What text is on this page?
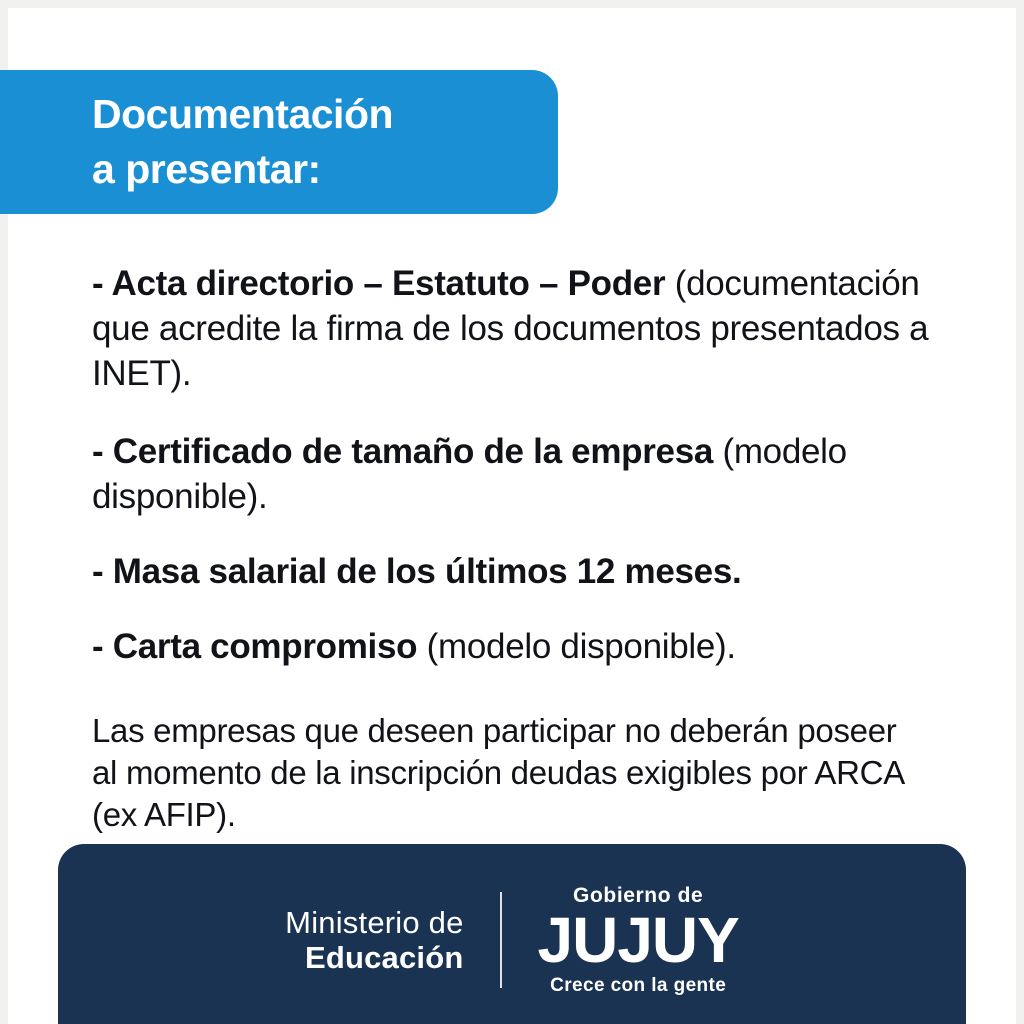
Documentación
a presentar:
- Acta directorio – Estatuto – Poder (documentación que acredite la firma de los documentos presentados a INET).
- Certificado de tamaño de la empresa (modelo disponible).
- Masa salarial de los últimos 12 meses.
- Carta compromiso (modelo disponible).
Las empresas que deseen participar no deberán poseer al momento de la inscripción deudas exigibles por ARCA (ex AFIP).
Ministerio de
Educación
Gobierno de
JUJUY
Crece con la gente
